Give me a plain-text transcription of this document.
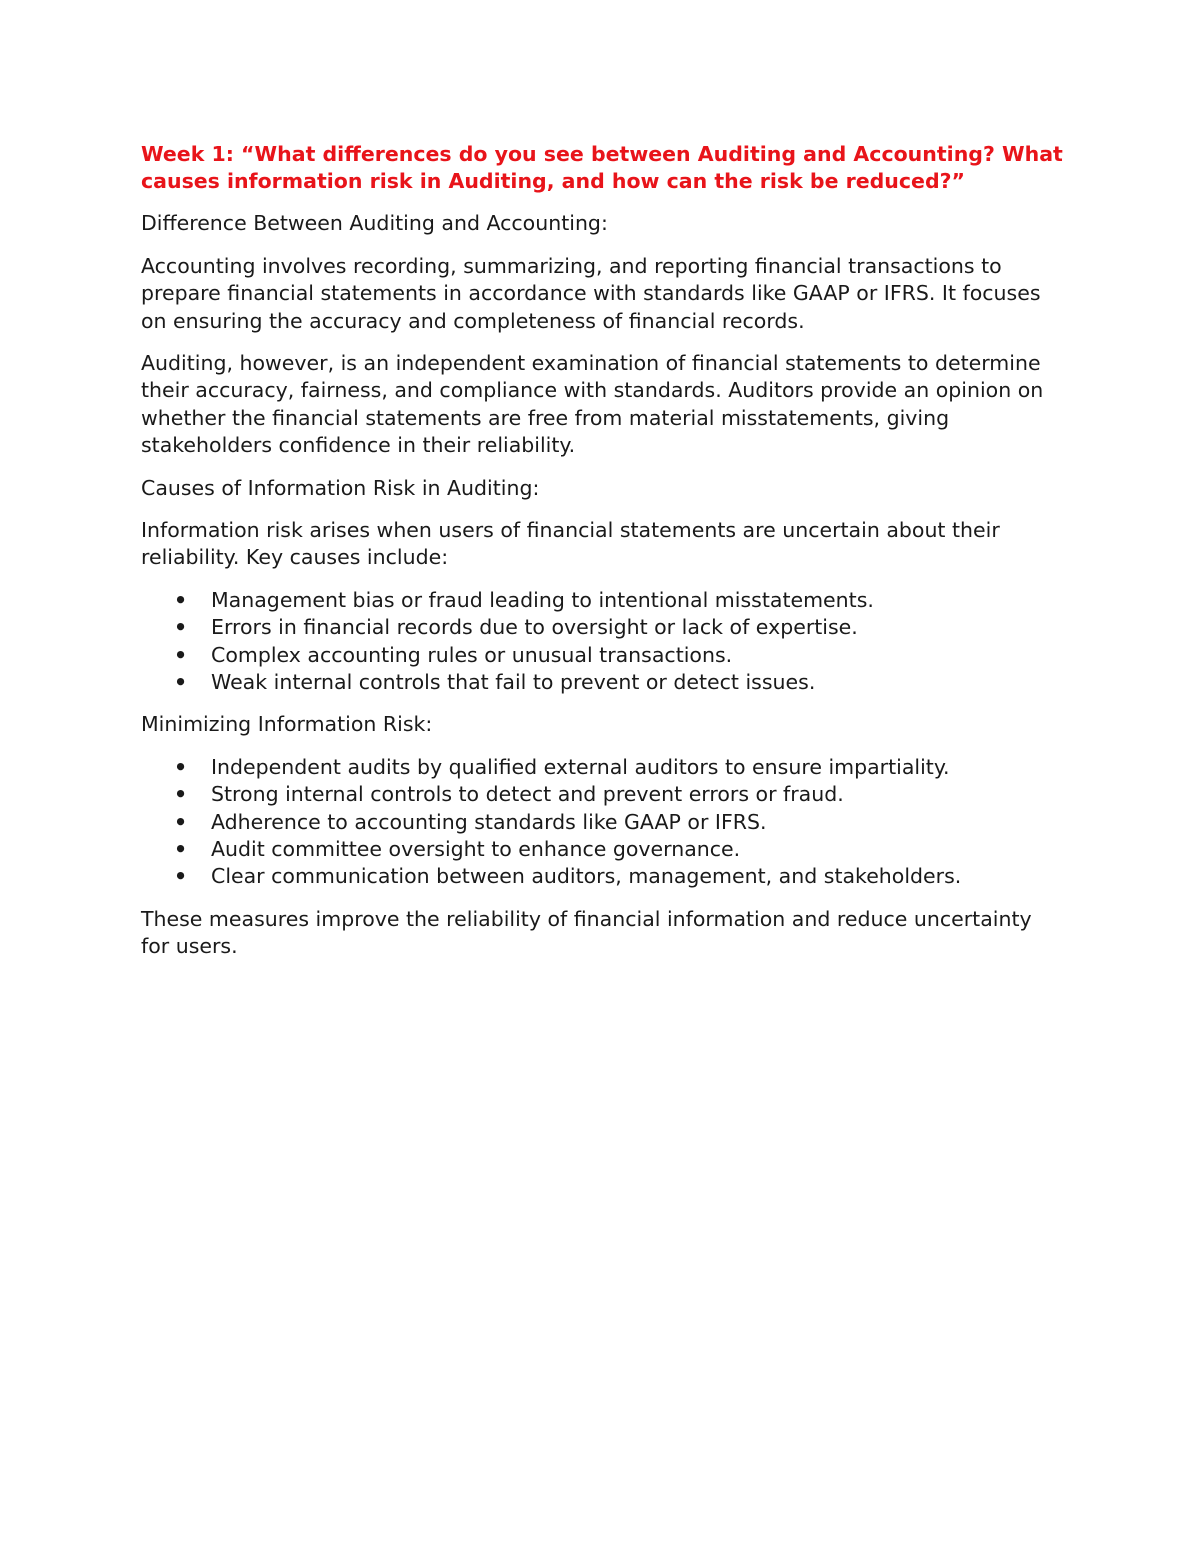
Week 1: “What differences do you see between Auditing and Accounting? What causes information risk in Auditing, and how can the risk be reduced?”

Difference Between Auditing and Accounting:

Accounting involves recording, summarizing, and reporting financial transactions to prepare financial statements in accordance with standards like GAAP or IFRS. It focuses on ensuring the accuracy and completeness of financial records.

Auditing, however, is an independent examination of financial statements to determine their accuracy, fairness, and compliance with standards. Auditors provide an opinion on whether the financial statements are free from material misstatements, giving stakeholders confidence in their reliability.

Causes of Information Risk in Auditing:

Information risk arises when users of financial statements are uncertain about their reliability. Key causes include:

• Management bias or fraud leading to intentional misstatements.
• Errors in financial records due to oversight or lack of expertise.
• Complex accounting rules or unusual transactions.
• Weak internal controls that fail to prevent or detect issues.

Minimizing Information Risk:

• Independent audits by qualified external auditors to ensure impartiality.
• Strong internal controls to detect and prevent errors or fraud.
• Adherence to accounting standards like GAAP or IFRS.
• Audit committee oversight to enhance governance.
• Clear communication between auditors, management, and stakeholders.

These measures improve the reliability of financial information and reduce uncertainty for users.
